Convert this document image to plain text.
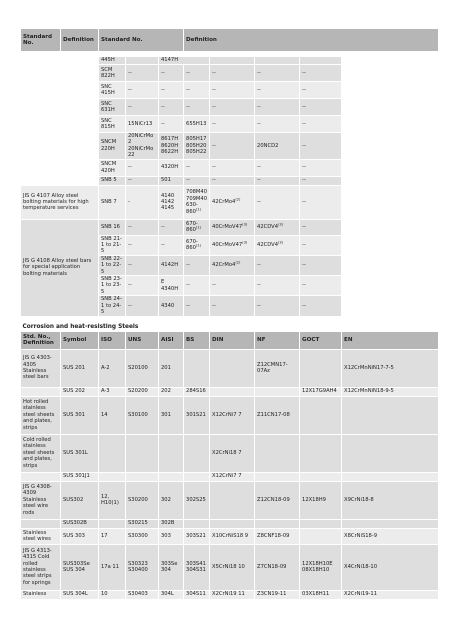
Standard No.	Definition	Standard No.			Definition				

		445H		4147H					
		SCM 822H	--	--	--	--	--	--	
		SNC 415H	--	--	--	--	--	--	
		SNC 631H	--	--	--	--	--	--	
		SNC 815H	15NiCr13	--	655H13	--	--	--	
		SNCM 220H	20NiCrMo2 20NiCrMo22	8617H 8620H 8622H	805H17 805H20 805H22	--	20NCD2	--	
		SNCM 420H	--	4320H	--	--	--	--	
		SNB 5	--	501	--	--	--	--	
JIS G 4107 Alloy steel bolting materials for high temperature services		SNB 7	-	4140 4142 4145	708M40 709M40 630-860$^{(1)}$	42CrMo4$^{(2)}$	--	--	
JIS G 4108 Alloy steel bars for special application bolting materials		SNB 16	--	--	670-860$^{(1)}$	40CrMoV47$^{(3)}$	42CDV4$^{(3)}$	--	
		SNB 21-1 to 21-5	--	--	670-860$^{(1)}$	40CrMoV47$^{(3)}$	42CDV4$^{(3)}$	--	
		SNB 22-1 to 22-5	--	4142H	--	42CrMo4$^{(2)}$	--	--	
		SNB 23-1 to 23-5	--	E 4340H	--	--	--	--	
		SNB 24-1 to 24-5	--	4340	--	--	--	--	
Corrosion and heat-resisting Steels									
Std. No., Definition	Symbol	ISO	UNS	AISI	BS	DIN	NF	GOCT	EN
JIS G 4303-4305 Stainless steel bars	SUS 201	A-2	S20100	201			Z12CMN17-07Az		X12CrMnNiN17-7-5
	SUS 202	A-3	S20200	202	284S16			12X17G9AH4	X12CrMnNiN18-9-5
Hot rolled stainless steel sheets and plates, strips	SUS 301	14	S30100	301	301S21	X12CrNi7 7	Z11CN17-08		
Cold rolled stainless steel sheets and plates, strips	SUS 301L					X2CrNi18 7			
	SUS 301J1					X12CrNi7 7			
JIS G 4308-4309 Stainless steel wire rods	SUS302	12, H10(1)	S30200	302	302S25		Z12CN18-09	12X18H9	X9CrNi18-8
	SUS302B		S30215	302B					
Stainless steel wires	SUS 303	17	S30300	303	303S21	X10CrNiS18 9	Z8CNF18-09		X8CrNiS18-9
JIS G 4313-4315 Cold rolled stainless steel strips for springs	SUS303Se SUS 304	17a 11	S30323 S30400	303Se 304	303S41 304S31	X5CrNi18 10	Z7CN18-09	12X18H10E 08X18H10	X4CrNi18-10
Stainless	SUS 304L	10	S30403	304L	304S11	X2CrNi19 11	Z3CN19-11	03X18H11	X2CrNi19-11
